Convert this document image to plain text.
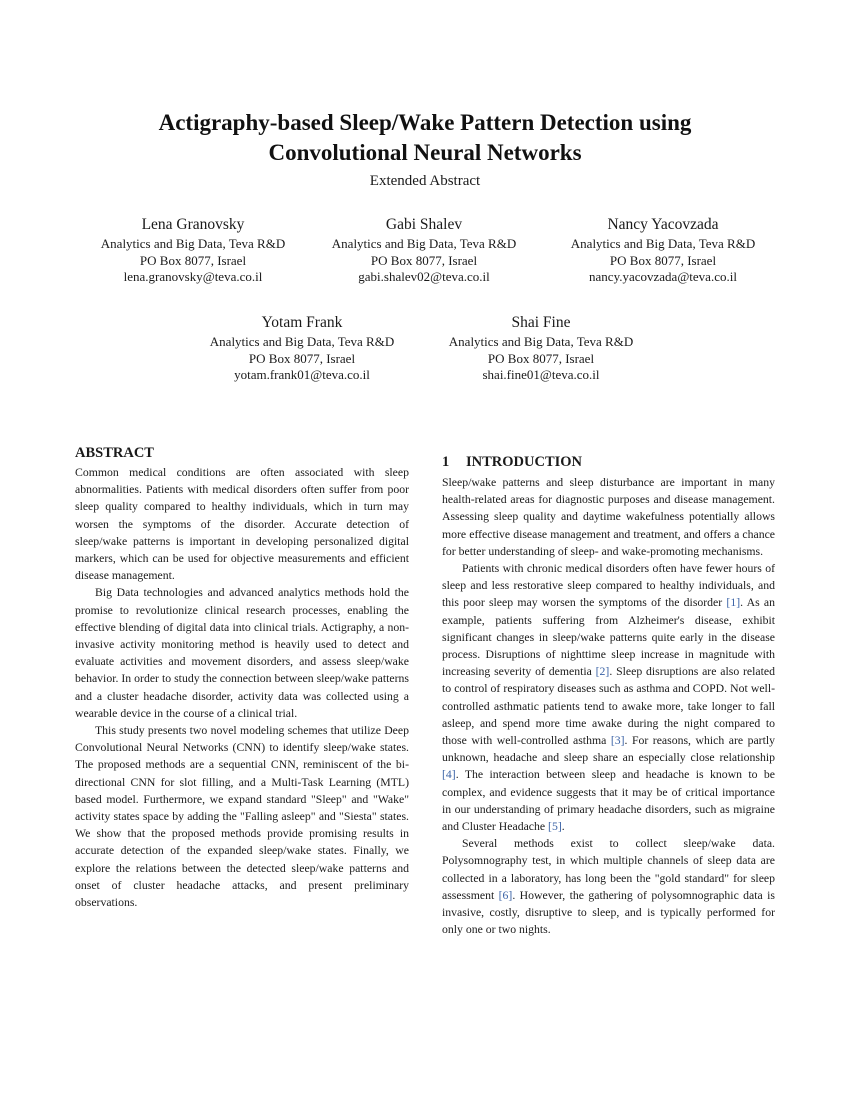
Actigraphy-based Sleep/Wake Pattern Detection using
Convolutional Neural Networks
Extended Abstract
Lena Granovsky
Analytics and Big Data, Teva R&D
PO Box 8077, Israel
lena.granovsky@teva.co.il
Gabi Shalev
Analytics and Big Data, Teva R&D
PO Box 8077, Israel
gabi.shalev02@teva.co.il
Nancy Yacovzada
Analytics and Big Data, Teva R&D
PO Box 8077, Israel
nancy.yacovzada@teva.co.il
Yotam Frank
Analytics and Big Data, Teva R&D
PO Box 8077, Israel
yotam.frank01@teva.co.il
Shai Fine
Analytics and Big Data, Teva R&D
PO Box 8077, Israel
shai.fine01@teva.co.il
ABSTRACT

Common medical conditions are often associated with sleep abnormalities. Patients with medical disorders often suffer from poor sleep quality compared to healthy individuals, which in turn may worsen the symptoms of the disorder. Accurate detection of sleep/wake patterns is important in developing personalized digital markers, which can be used for objective measurements and efficient disease management.

Big Data technologies and advanced analytics methods hold the promise to revolutionize clinical research processes, enabling the effective blending of digital data into clinical trials. Actigraphy, a non-invasive activity monitoring method is heavily used to detect and evaluate activities and movement disorders, and assess sleep/wake behavior. In order to study the connection between sleep/wake patterns and a cluster headache disorder, activity data was collected using a wearable device in the course of a clinical trial.

This study presents two novel modeling schemes that utilize Deep Convolutional Neural Networks (CNN) to identify sleep/wake states. The proposed methods are a sequential CNN, reminiscent of the bi-directional CNN for slot filling, and a Multi-Task Learning (MTL) based model. Furthermore, we expand standard "Sleep" and "Wake" activity states space by adding the "Falling asleep" and "Siesta" states. We show that the proposed methods provide promising results in accurate detection of the expanded sleep/wake states. Finally, we explore the relations between the detected sleep/wake patterns and onset of cluster headache attacks, and present preliminary observations.

1 INTRODUCTION

Sleep/wake patterns and sleep disturbance are important in many health-related areas for diagnostic purposes and disease management. Assessing sleep quality and daytime wakefulness potentially allows more effective disease management and treatment, and offers a chance for better understanding of sleep- and wake-promoting mechanisms.

Patients with chronic medical disorders often have fewer hours of sleep and less restorative sleep compared to healthy individuals, and this poor sleep may worsen the symptoms of the disorder [1]. As an example, patients suffering from Alzheimer's disease, exhibit significant changes in sleep/wake patterns quite early in the disease process. Disruptions of nighttime sleep increase in magnitude with increasing severity of dementia [2]. Sleep disruptions are also related to control of respiratory diseases such as asthma and COPD. Not well-controlled asthmatic patients tend to awake more, take longer to fall asleep, and spend more time awake during the night compared to those with well-controlled asthma [3]. For reasons, which are partly unknown, headache and sleep share an especially close relationship [4]. The interaction between sleep and headache is known to be complex, and evidence suggests that it may be of critical importance in our understanding of primary headache disorders, such as migraine and Cluster Headache [5].

Several methods exist to collect sleep/wake data. Polysomnography test, in which multiple channels of sleep data are collected in a laboratory, has long been the "gold standard" for sleep assessment [6]. However, the gathering of polysomnographic data is invasive, costly, disruptive to sleep, and is typically performed for only one or two nights.
